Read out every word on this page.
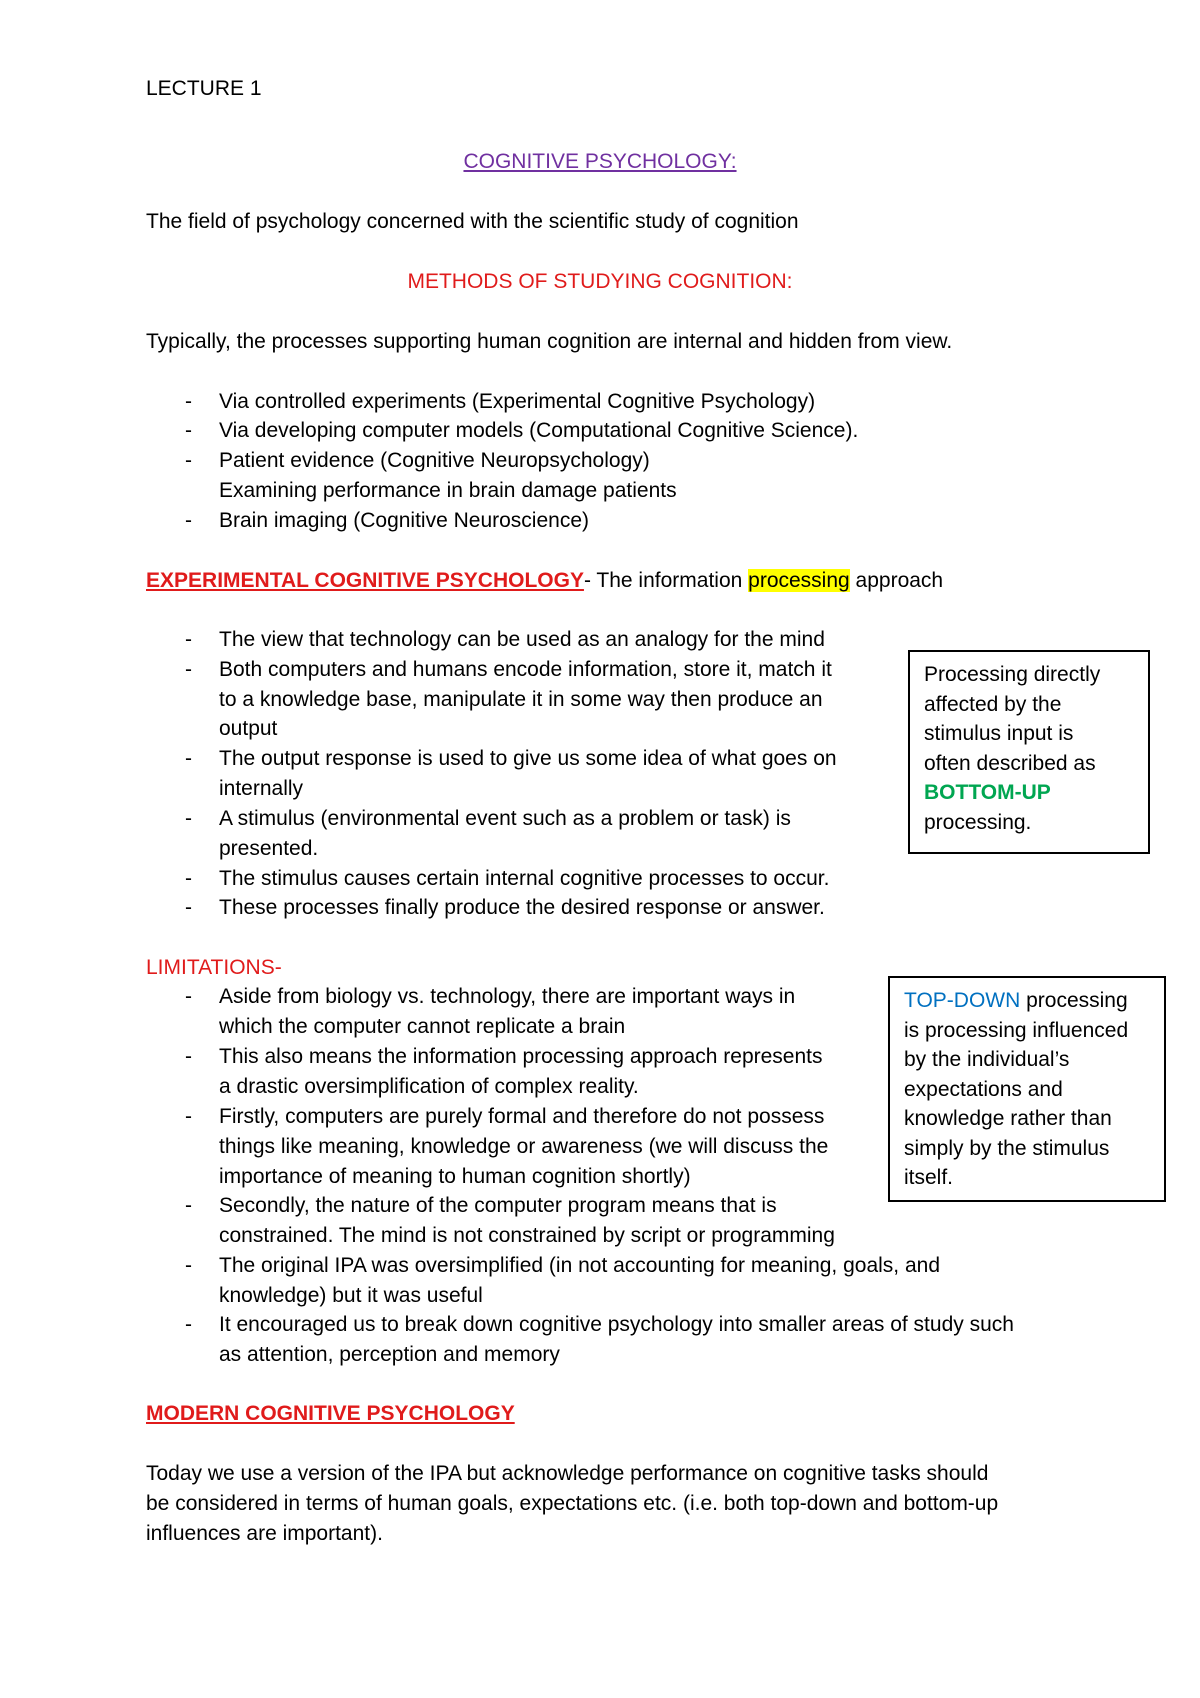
LECTURE 1
COGNITIVE PSYCHOLOGY:
The field of psychology concerned with the scientific study of cognition
METHODS OF STUDYING COGNITION:
Typically, the processes supporting human cognition are internal and hidden from view.
- Via controlled experiments (Experimental Cognitive Psychology)
- Via developing computer models (Computational Cognitive Science).
- Patient evidence (Cognitive Neuropsychology)
Examining performance in brain damage patients
- Brain imaging (Cognitive Neuroscience)
EXPERIMENTAL COGNITIVE PSYCHOLOGY- The information processing approach
- The view that technology can be used as an analogy for the mind
- Both computers and humans encode information, store it, match it
to a knowledge base, manipulate it in some way then produce an
output
- The output response is used to give us some idea of what goes on
internally
- A stimulus (environmental event such as a problem or task) is
presented.
- The stimulus causes certain internal cognitive processes to occur.
- These processes finally produce the desired response or answer.
Processing directly
affected by the
stimulus input is
often described as
BOTTOM-UP
processing.
LIMITATIONS-
- Aside from biology vs. technology, there are important ways in
which the computer cannot replicate a brain
- This also means the information processing approach represents
a drastic oversimplification of complex reality.
- Firstly, computers are purely formal and therefore do not possess
things like meaning, knowledge or awareness (we will discuss the
importance of meaning to human cognition shortly)
- Secondly, the nature of the computer program means that is
constrained. The mind is not constrained by script or programming
- The original IPA was oversimplified (in not accounting for meaning, goals, and
knowledge) but it was useful
- It encouraged us to break down cognitive psychology into smaller areas of study such
as attention, perception and memory
TOP-DOWN processing
is processing influenced
by the individual’s
expectations and
knowledge rather than
simply by the stimulus
itself.
MODERN COGNITIVE PSYCHOLOGY
Today we use a version of the IPA but acknowledge performance on cognitive tasks should
be considered in terms of human goals, expectations etc. (i.e. both top-down and bottom-up
influences are important).
